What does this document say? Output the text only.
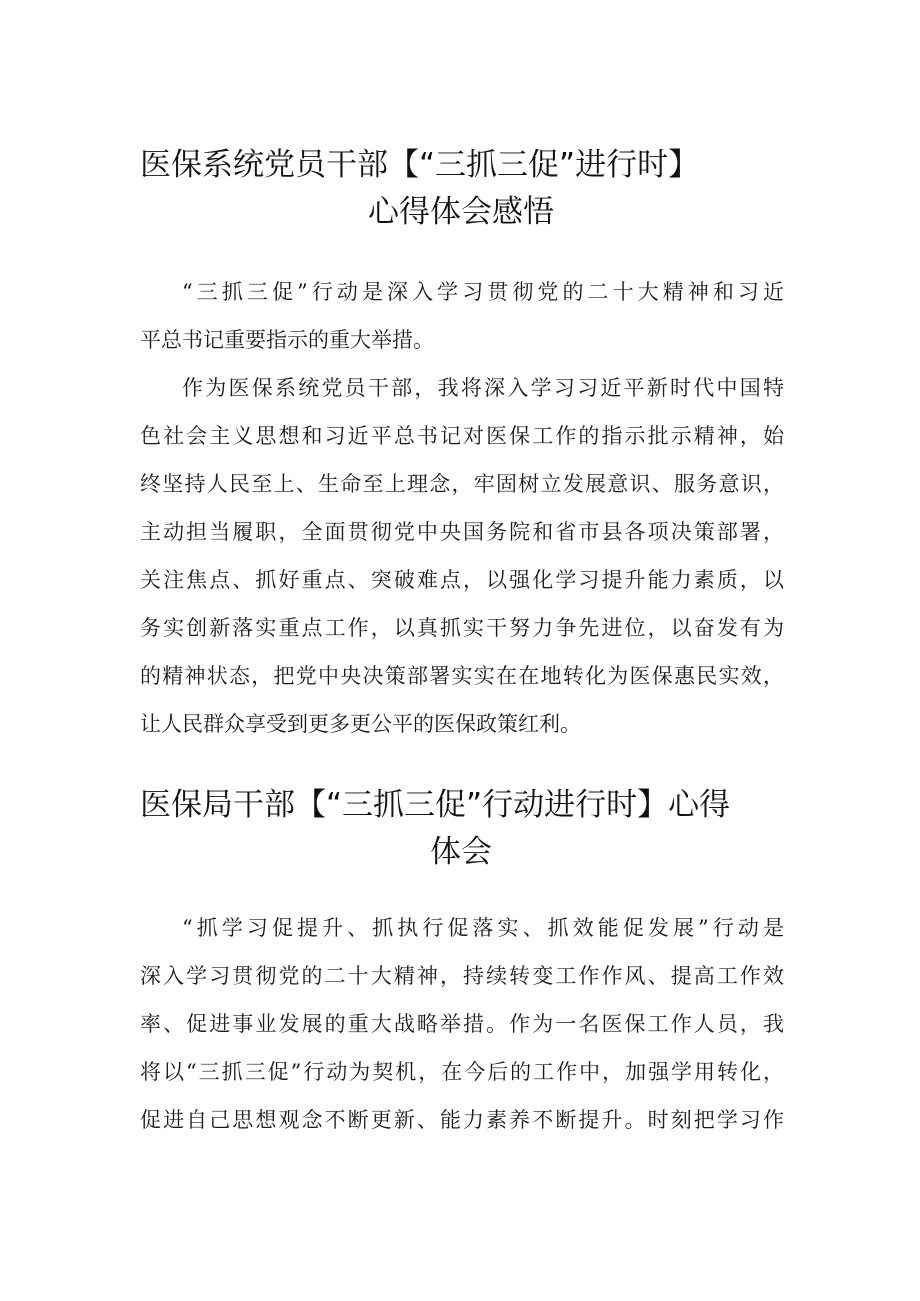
医保系统党员干部【“三抓三促”进行时】
心得体会感悟

“三抓三促”行动是深入学习贯彻党的二十大精神和习近
平总书记重要指示的重大举措。

作为医保系统党员干部，我将深入学习习近平新时代中国特
色社会主义思想和习近平总书记对医保工作的指示批示精神，始
终坚持人民至上、生命至上理念，牢固树立发展意识、服务意识，
主动担当履职，全面贯彻党中央国务院和省市县各项决策部署，
关注焦点、抓好重点、突破难点，以强化学习提升能力素质，以
务实创新落实重点工作，以真抓实干努力争先进位，以奋发有为
的精神状态，把党中央决策部署实实在在地转化为医保惠民实效，
让人民群众享受到更多更公平的医保政策红利。

医保局干部【“三抓三促”行动进行时】心得
体会

“抓学习促提升、抓执行促落实、抓效能促发展”行动是
深入学习贯彻党的二十大精神，持续转变工作作风、提高工作效
率、促进事业发展的重大战略举措。作为一名医保工作人员，我
将以“三抓三促”行动为契机，在今后的工作中，加强学用转化，
促进自己思想观念不断更新、能力素养不断提升。时刻把学习作
